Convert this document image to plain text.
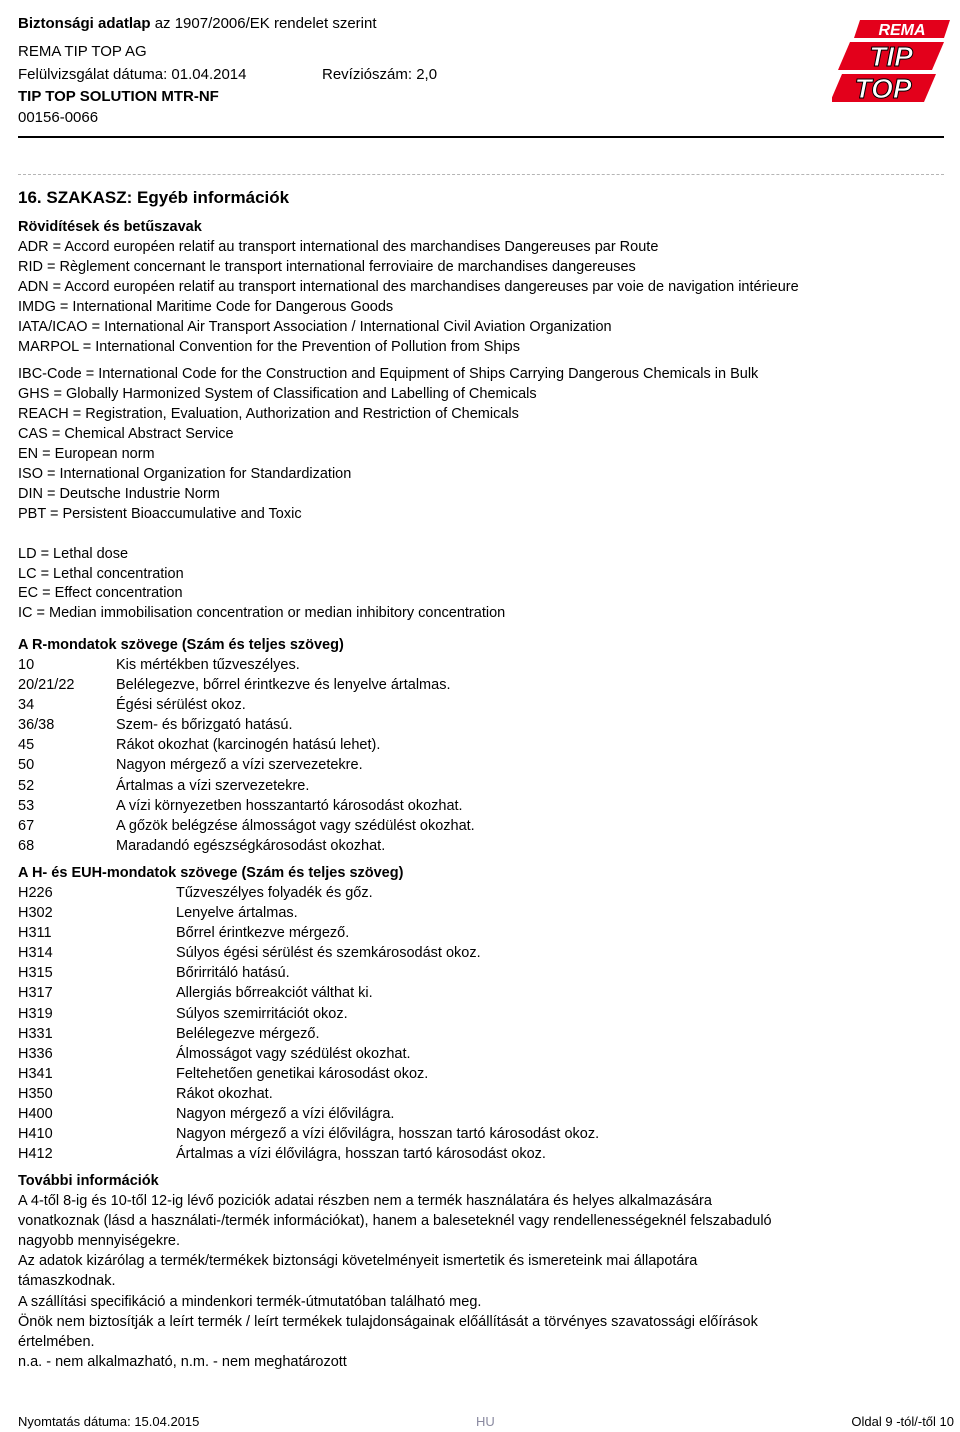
Biztonsági adatlap az 1907/2006/EK rendelet szerint
REMA TIP TOP AG
Felülvizsgálat dátuma: 01.04.2014	Revíziószám: 2,0
TIP TOP SOLUTION MTR-NF
00156-0066
REMA
TIP
TOP
16. SZAKASZ: Egyéb információk
Rövidítések és betűszavak
ADR = Accord européen relatif au transport international des marchandises Dangereuses par Route
RID = Règlement concernant le transport international ferroviaire de marchandises dangereuses
ADN = Accord européen relatif au transport international des marchandises dangereuses par voie de navigation intérieure
IMDG = International Maritime Code for Dangerous Goods
IATA/ICAO = International Air Transport Association / International Civil Aviation Organization
MARPOL = International Convention for the Prevention of Pollution from Ships
IBC-Code = International Code for the Construction and Equipment of Ships Carrying Dangerous Chemicals in Bulk
GHS = Globally Harmonized System of Classification and Labelling of Chemicals
REACH = Registration, Evaluation, Authorization and Restriction of Chemicals
CAS = Chemical Abstract Service
EN = European norm
ISO = International Organization for Standardization
DIN = Deutsche Industrie Norm
PBT = Persistent Bioaccumulative and Toxic
LD = Lethal dose
LC = Lethal concentration
EC = Effect concentration
IC = Median immobilisation concentration or median inhibitory concentration
A R-mondatok szövege (Szám és teljes szöveg)
10	Kis mértékben tűzveszélyes.
20/21/22	Belélegezve, bőrrel érintkezve és lenyelve ártalmas.
34	Égési sérülést okoz.
36/38	Szem- és bőrizgató hatású.
45	Rákot okozhat (karcinogén hatású lehet).
50	Nagyon mérgező a vízi szervezetekre.
52	Ártalmas a vízi szervezetekre.
53	A vízi környezetben hosszantartó károsodást okozhat.
67	A gőzök belégzése álmosságot vagy szédülést okozhat.
68	Maradandó egészségkárosodást okozhat.
A H- és EUH-mondatok szövege (Szám és teljes szöveg)
H226	Tűzveszélyes folyadék és gőz.
H302	Lenyelve ártalmas.
H311	Bőrrel érintkezve mérgező.
H314	Súlyos égési sérülést és szemkárosodást okoz.
H315	Bőrirritáló hatású.
H317	Allergiás bőrreakciót válthat ki.
H319	Súlyos szemirritációt okoz.
H331	Belélegezve mérgező.
H336	Álmosságot vagy szédülést okozhat.
H341	Feltehetően genetikai károsodást okoz.
H350	Rákot okozhat.
H400	Nagyon mérgező a vízi élővilágra.
H410	Nagyon mérgező a vízi élővilágra, hosszan tartó károsodást okoz.
H412	Ártalmas a vízi élővilágra, hosszan tartó károsodást okoz.
További információk
A 4-től 8-ig és 10-től 12-ig lévő poziciók adatai részben nem a termék használatára és helyes alkalmazására vonatkoznak (lásd a használati-/termék információkat), hanem a baleseteknél vagy rendellenességeknél felszabaduló nagyobb mennyiségekre.
Az adatok kizárólag a termék/termékek biztonsági követelményeit ismertetik és ismereteink mai állapotára támaszkodnak.
A szállítási specifikáció a mindenkori termék-útmutatóban található meg.
Önök nem biztosítják a leírt termék / leírt termékek tulajdonságainak előállítását a törvényes szavatossági előírások értelmében.
n.a. - nem alkalmazható, n.m. - nem meghatározott
Nyomtatás dátuma: 15.04.2015	HU	Oldal 9 -tól/-től 10
